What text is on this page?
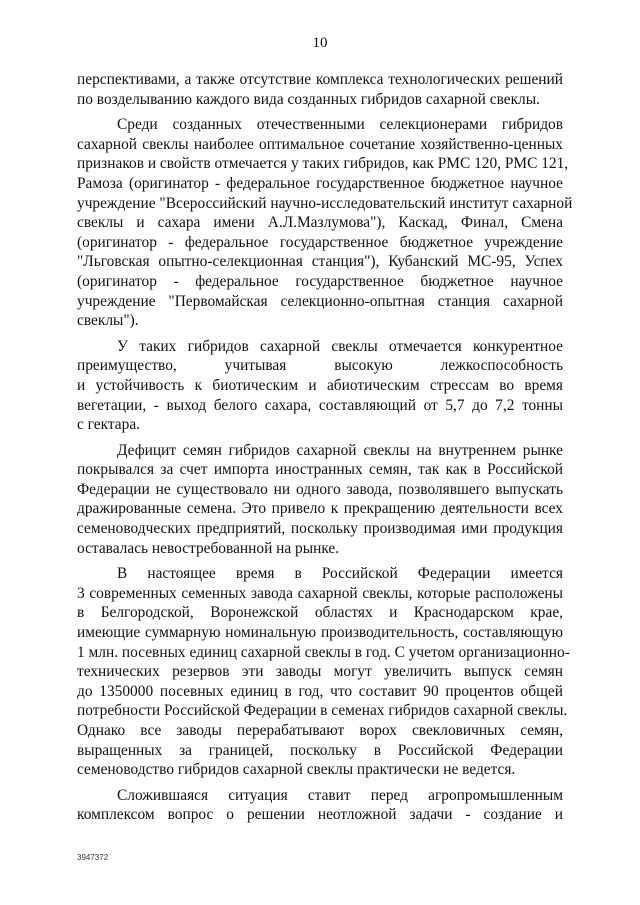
10
перспективами, а также отсутствие комплекса технологических решений
по возделыванию каждого вида созданных гибридов сахарной свеклы.
Среди созданных отечественными селекционерами гибридов
сахарной свеклы наиболее оптимальное сочетание хозяйственно-ценных
признаков и свойств отмечается у таких гибридов, как РМС 120, РМС 121,
Рамоза (оригинатор - федеральное государственное бюджетное научное
учреждение "Всероссийский научно-исследовательский институт сахарной
свеклы и сахара имени А.Л.Мазлумова"), Каскад, Финал, Смена
(оригинатор - федеральное государственное бюджетное учреждение
"Льговская опытно-селекционная станция"), Кубанский МС-95, Успех
(оригинатор - федеральное государственное бюджетное научное
учреждение "Первомайская селекционно-опытная станция сахарной
свеклы").
У таких гибридов сахарной свеклы отмечается конкурентное
преимущество, учитывая высокую лежкоспособность
и устойчивость к биотическим и абиотическим стрессам во время
вегетации, - выход белого сахара, составляющий от 5,7 до 7,2 тонны
с гектара.
Дефицит семян гибридов сахарной свеклы на внутреннем рынке
покрывался за счет импорта иностранных семян, так как в Российской
Федерации не существовало ни одного завода, позволявшего выпускать
дражированные семена. Это привело к прекращению деятельности всех
семеноводческих предприятий, поскольку производимая ими продукция
оставалась невостребованной на рынке.
В настоящее время в Российской Федерации имеется
3 современных семенных завода сахарной свеклы, которые расположены
в Белгородской, Воронежской областях и Краснодарском крае,
имеющие суммарную номинальную производительность, составляющую
1 млн. посевных единиц сахарной свеклы в год. С учетом организационно-
технических резервов эти заводы могут увеличить выпуск семян
до 1350000 посевных единиц в год, что составит 90 процентов общей
потребности Российской Федерации в семенах гибридов сахарной свеклы.
Однако все заводы перерабатывают ворох свекловичных семян,
выращенных за границей, поскольку в Российской Федерации
семеноводство гибридов сахарной свеклы практически не ведется.
Сложившаяся ситуация ставит перед агропромышленным
комплексом вопрос о решении неотложной задачи - создание и
3947372
